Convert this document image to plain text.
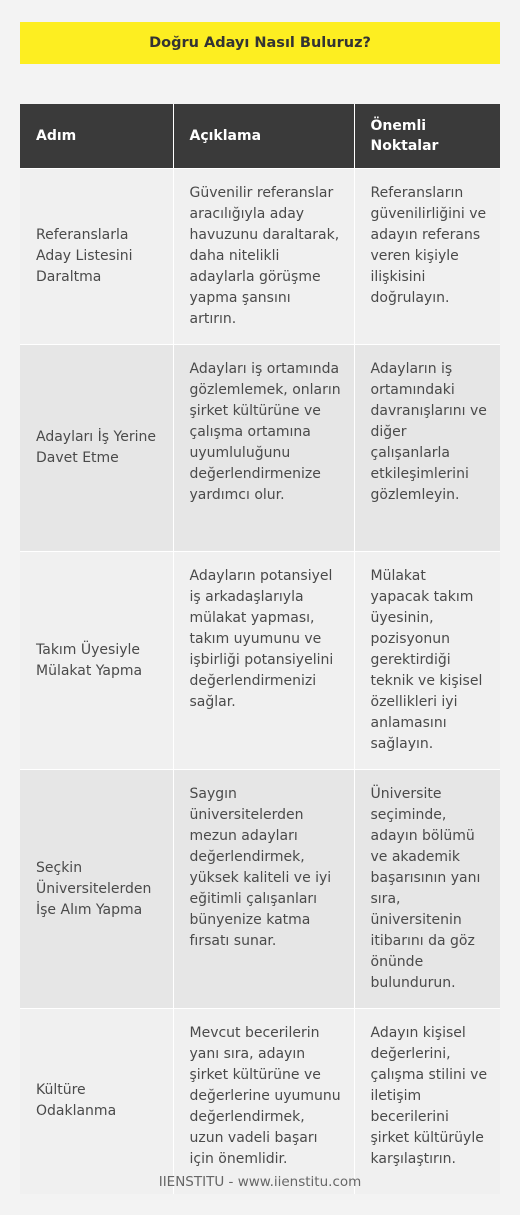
Doğru Adayı Nasıl Buluruz?
Adım	Açıklama	Önemli Noktalar
Referanslarla Aday Listesini Daraltma	Güvenilir referanslar aracılığıyla aday havuzunu daraltarak, daha nitelikli adaylarla görüşme yapma şansını artırın.	Referansların güvenilirliğini ve adayın referans veren kişiyle ilişkisini doğrulayın.
Adayları İş Yerine Davet Etme	Adayları iş ortamında gözlemlemek, onların şirket kültürüne ve çalışma ortamına uyumluluğunu değerlendirmenize yardımcı olur.	Adayların iş ortamındaki davranışlarını ve diğer çalışanlarla etkileşimlerini gözlemleyin.
Takım Üyesiyle Mülakat Yapma	Adayların potansiyel iş arkadaşlarıyla mülakat yapması, takım uyumunu ve işbirliği potansiyelini değerlendirmenizi sağlar.	Mülakat yapacak takım üyesinin, pozisyonun gerektirdiği teknik ve kişisel özellikleri iyi anlamasını sağlayın.
Seçkin Üniversitelerden İşe Alım Yapma	Saygın üniversitelerden mezun adayları değerlendirmek, yüksek kaliteli ve iyi eğitimli çalışanları bünyenize katma fırsatı sunar.	Üniversite seçiminde, adayın bölümü ve akademik başarısının yanı sıra, üniversitenin itibarını da göz önünde bulundurun.
Kültüre Odaklanma	Mevcut becerilerin yanı sıra, adayın şirket kültürüne ve değerlerine uyumunu değerlendirmek, uzun vadeli başarı için önemlidir.	Adayın kişisel değerlerini, çalışma stilini ve iletişim becerilerini şirket kültürüyle karşılaştırın.
IIENSTITU - www.iienstitu.com
